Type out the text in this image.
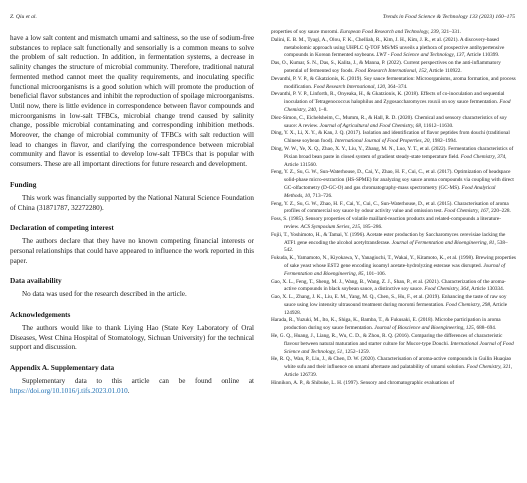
Z. Qiu et al.	Trends in Food Science & Technology 133 (2023) 160–175

have a low salt content and mismatch umami and saltiness, so the use of sodium-free substances to replace salt functionally and sensorially is a common means to solve the problem of salt reduction. In addition, in fermentation systems, a decrease in salinity changes the structure of microbial community. Therefore, traditional natural fermented method cannot meet the quality requirements, and inoculating specific functional microorganisms is a good solution which will promote the production of beneficial flavor substances and inhibit the reproduction of spoilage microorganisms. Until now, there is little evidence in correspondence between flavor compounds and microorganisms in low-salt TFBCs, microbial change trend caused by salinity change, possible microbial contaminating and corresponding inhibition methods. Moreover, the change of microbial community of TFBCs with salt reduction will lead to changes in flavor, and clarifying the correspondence between microbial community and flavor is essential to develop low-salt TFBCs that is popular with consumers. These are all important directions for future research and development.

Funding

This work was financially supported by the National Natural Science Foundation of China (31871787, 32272280).

Declaration of competing interest

The authors declare that they have no known competing financial interests or personal relationships that could have appeared to influence the work reported in this paper.

Data availability

No data was used for the research described in the article.

Acknowledgements

The authors would like to thank Liying Hao (State Key Laboratory of Oral Diseases, West China Hospital of Stomatology, Sichuan University) for the technical support and discussion.

Appendix A. Supplementary data

Supplementary data to this article can be found online at https://doi.org/10.1016/j.tifs.2023.01.010.

properties of soy sauce moromi. European Food Research and Technology, 239, 321–331.

Dalini, E. B. M., Tyagi, A., Olou, F. K., Chelliah, R., Kim, J. H., Kim, J. R., et al. (2021). A discovery-based metabolomic approach using UHPLC Q-TOF MS/MS unveils a plethora of prospective antihypertensive compounds in Korean fermented soybeans. LWT - Food Science and Technology, 137, Article 110399.

Das, O., Kumar, S. N., Das, S., Kalita, J., & Manna, P. (2022). Current perspectives on the anti-inflammatory potential of fermented soy foods. Food Research International, 152, Article 110922.

Devanthi, P. V. P., & Gkatzionis, K. (2019). Soy sauce fermentation: Microorganisms, aroma formation, and process modification. Food Research International, 120, 364–374.

Devanthi, P. V. P., Linforth, R., Onyeaka, H., & Gkatzionis, K. (2018). Effects of co-inoculation and sequential inoculation of Tetragenococcus halophilus and Zygosaccharomyces rouxii on soy sauce fermentation. Food Chemistry, 240, 1–8.

Diez-Simon, C., Eichelsheim, C., Mumm, R., & Hall, R. D. (2020). Chemical and sensory characteristics of soy sauce: A review. Journal of Agricultural and Food Chemistry, 68, 11612–11630.

Ding, Y. X., Li, X. Y., & Kan, J. Q. (2017). Isolation and identification of flavor peptides from douchi (traditional Chinese soybean food). International Journal of Food Properties, 20, 1982–1994.

Ding, W. W., Ye, X. Q., Zhao, X. Y., Liu, Y., Zhang, M. N., Luo, Y. T., et al. (2022). Fermentation characteristics of Pixian broad bean paste in closed system of gradient steady-state temperature field. Food Chemistry, 374, Article 131560.

Feng, Y. Z., Su, G. W., Sun-Waterhouse, D., Cai, Y., Zhao, H. F., Cui, C., et al. (2017). Optimization of headspace solid-phase micro-extraction (HS-SPME) for analyzing soy sauce aroma compounds via coupling with direct GC-olfactometry (D-GC-O) and gas chromatography-mass spectrometry (GC-MS). Food Analytical Methods, 10, 713–726.

Feng, Y. Z., Su, G. W., Zhao, H. F., Cai, Y., Cui, C., Sun-Waterhouse, D., et al. (2015). Characterisation of aroma profiles of commercial soy sauce by odour activity value and omission test. Food Chemistry, 167, 220–228.

Foss, S. (1985). Sensory properties of volatile maillard-reaction products and related-compounds a literature-review. ACS Symposium Series, 215, 185–286.

Fujii, T., Yoshimoto, H., & Tamai, Y. (1996). Acetate ester production by Saccharomyces cerevisiae lacking the ATF1 gene encoding the alcohol acetyltransferase. Journal of Fermentation and Bioengineering, 81, 538–542.

Fukuda, K., Yamamoto, N., Kiyokawa, Y., Yanagiuchi, T., Wakai, Y., Kitamoto, K., et al. (1998). Brewing properties of sake yeast whose EST2 gene encoding isoamyl acetate-hydrolyzing esterase was disrupted. Journal of Fermentation and Bioengineering, 85, 101–106.

Gao, X. L., Feng, T., Sheng, M. J., Wang, B., Wang, Z. J., Shan, P., et al. (2021). Characterization of the aroma-active compounds in black soybean sauce, a distinctive soy sauce. Food Chemistry, 364, Article 130334.

Gao, X. L., Zhang, J. K., Liu, E. M., Yang, M. Q., Chen, S., Hu, F., et al. (2019). Enhancing the taste of raw soy sauce using low intensity ultrasound treatment during moromi fermentation. Food Chemistry, 298, Article 124928.

Harada, R., Yuzuki, M., Ito, K., Shiga, K., Bamba, T., & Fukusaki, E. (2018). Microbe participation in aroma production during soy sauce fermentation. Journal of Bioscience and Bioengineering, 125, 688–694.

He, G. Q., Huang, J., Liang, R., Wu, C. D., & Zhou, R. Q. (2016). Comparing the differences of characteristic flavour between natural maturation and starter culture for Mucor-type Douchi. International Journal of Food Science and Technology, 51, 1252–1259.

He, R. Q., Wan, P., Liu, J., & Chen, D. W. (2020). Characterisation of aroma-active compounds in Guilin Huaqiao white sufu and their influence on umami aftertaste and palatability of umami solution. Food Chemistry, 321, Article 126739.

Hinnikon, A. P., & Shibuke, L. H. (1997). Sensory and chromatographic evaluations of
